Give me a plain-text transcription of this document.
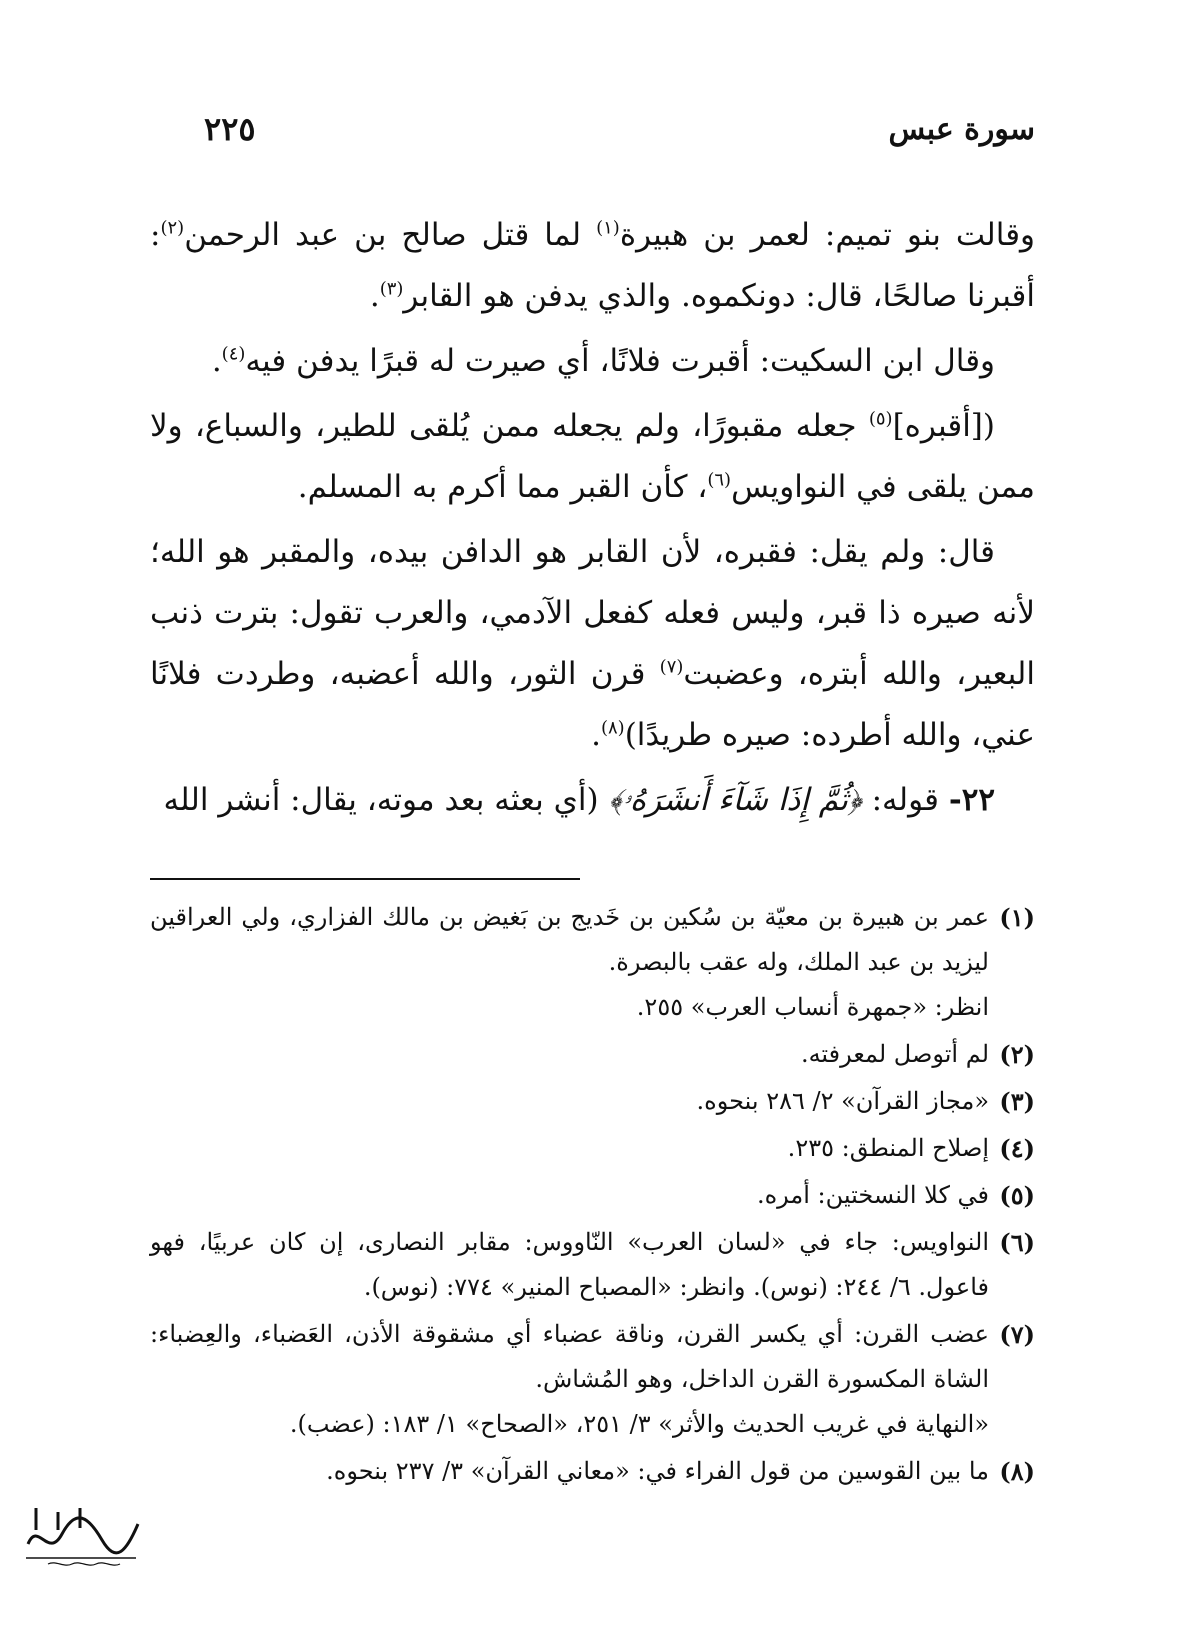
سورة عبس
٢٢٥

وقالت بنو تميم: لعمر بن هبيرة$^{(١)}$ لما قتل صالح بن عبد الرحمن$^{(٢)}$: أقبرنا صالحًا، قال: دونكموه. والذي يدفن هو القابر$^{(٣)}$.

وقال ابن السكيت: أقبرت فلانًا، أي صيرت له قبرًا يدفن فيه$^{(٤)}$.

([أقبره]$^{(٥)}$ جعله مقبورًا، ولم يجعله ممن يُلقى للطير، والسباع، ولا ممن يلقى في النواويس$^{(٦)}$، كأن القبر مما أكرم به المسلم.

قال: ولم يقل: فقبره، لأن القابر هو الدافن بيده، والمقبر هو الله؛ لأنه صيره ذا قبر، وليس فعله كفعل الآدمي، والعرب تقول: بترت ذنب البعير، والله أبتره، وعضبت$^{(٧)}$ قرن الثور، والله أعضبه، وطردت فلانًا عني، والله أطرده: صيره طريدًا)$^{(٨)}$.

٢٢- قوله: ﴿ثُمَّ إِذَا شَآءَ أَنشَرَهُۥ﴾ (أي بعثه بعد موته، يقال: أنشر الله

(١)
عمر بن هبيرة بن معيّة بن سُكين بن خَديج بن بَغيض بن مالك الفزاري، ولي العراقين ليزيد بن عبد الملك، وله عقب بالبصرة.
انظر: «جمهرة أنساب العرب» ٢٥٥.
(٢)
لم أتوصل لمعرفته.
(٣)
«مجاز القرآن» ٢/ ٢٨٦ بنحوه.
(٤)
إصلاح المنطق: ٢٣٥.
(٥)
في كلا النسختين: أمره.
(٦)
النواويس: جاء في «لسان العرب» النّاووس: مقابر النصارى، إن كان عربيًا، فهو فاعول. ٦/ ٢٤٤: (نوس). وانظر: «المصباح المنير» ٧٧٤: (نوس).
(٧)
عضب القرن: أي يكسر القرن، وناقة عضباء أي مشقوقة الأذن، العَضباء، والعِضباء: الشاة المكسورة القرن الداخل، وهو المُشاش.
«النهاية في غريب الحديث والأثر» ٣/ ٢٥١، «الصحاح» ١/ ١٨٣: (عضب).
(٨)
ما بين القوسين من قول الفراء في: «معاني القرآن» ٣/ ٢٣٧ بنحوه.
